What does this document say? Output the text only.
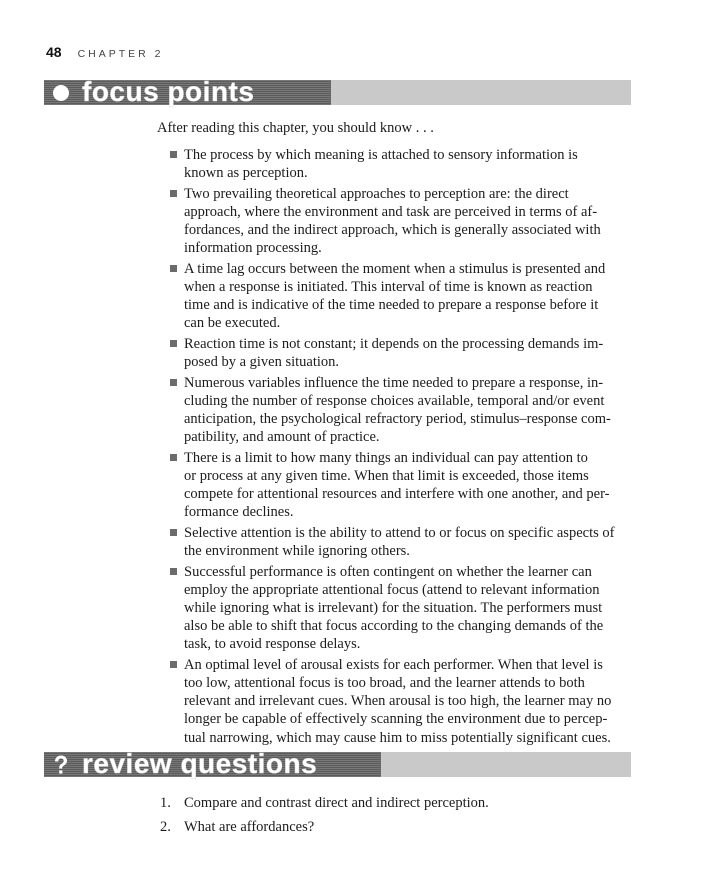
48 CHAPTER 2
focus points
After reading this chapter, you should know . . .
The process by which meaning is attached to sensory information is
known as perception.
Two prevailing theoretical approaches to perception are: the direct
approach, where the environment and task are perceived in terms of af-
fordances, and the indirect approach, which is generally associated with
information processing.
A time lag occurs between the moment when a stimulus is presented and
when a response is initiated. This interval of time is known as reaction
time and is indicative of the time needed to prepare a response before it
can be executed.
Reaction time is not constant; it depends on the processing demands im-
posed by a given situation.
Numerous variables influence the time needed to prepare a response, in-
cluding the number of response choices available, temporal and/or event
anticipation, the psychological refractory period, stimulus–response com-
patibility, and amount of practice.
There is a limit to how many things an individual can pay attention to
or process at any given time. When that limit is exceeded, those items
compete for attentional resources and interfere with one another, and per-
formance declines.
Selective attention is the ability to attend to or focus on specific aspects of
the environment while ignoring others.
Successful performance is often contingent on whether the learner can
employ the appropriate attentional focus (attend to relevant information
while ignoring what is irrelevant) for the situation. The performers must
also be able to shift that focus according to the changing demands of the
task, to avoid response delays.
An optimal level of arousal exists for each performer. When that level is
too low, attentional focus is too broad, and the learner attends to both
relevant and irrelevant cues. When arousal is too high, the learner may no
longer be capable of effectively scanning the environment due to percep-
tual narrowing, which may cause him to miss potentially significant cues.
review questions
1. Compare and contrast direct and indirect perception.
2. What are affordances?
